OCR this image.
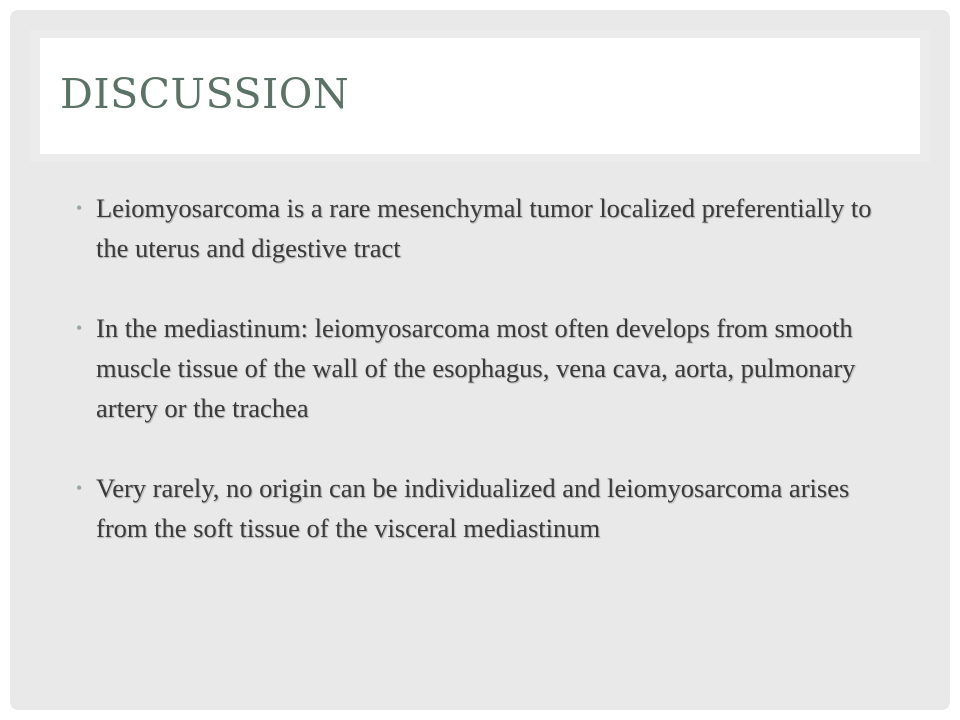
DISCUSSION
• Leiomyosarcoma is a rare mesenchymal tumor localized preferentially to the uterus and digestive tract
• In the mediastinum: leiomyosarcoma most often develops from smooth muscle tissue of the wall of the esophagus, vena cava, aorta, pulmonary artery or the trachea
• Very rarely, no origin can be individualized and leiomyosarcoma arises from the soft tissue of the visceral mediastinum
